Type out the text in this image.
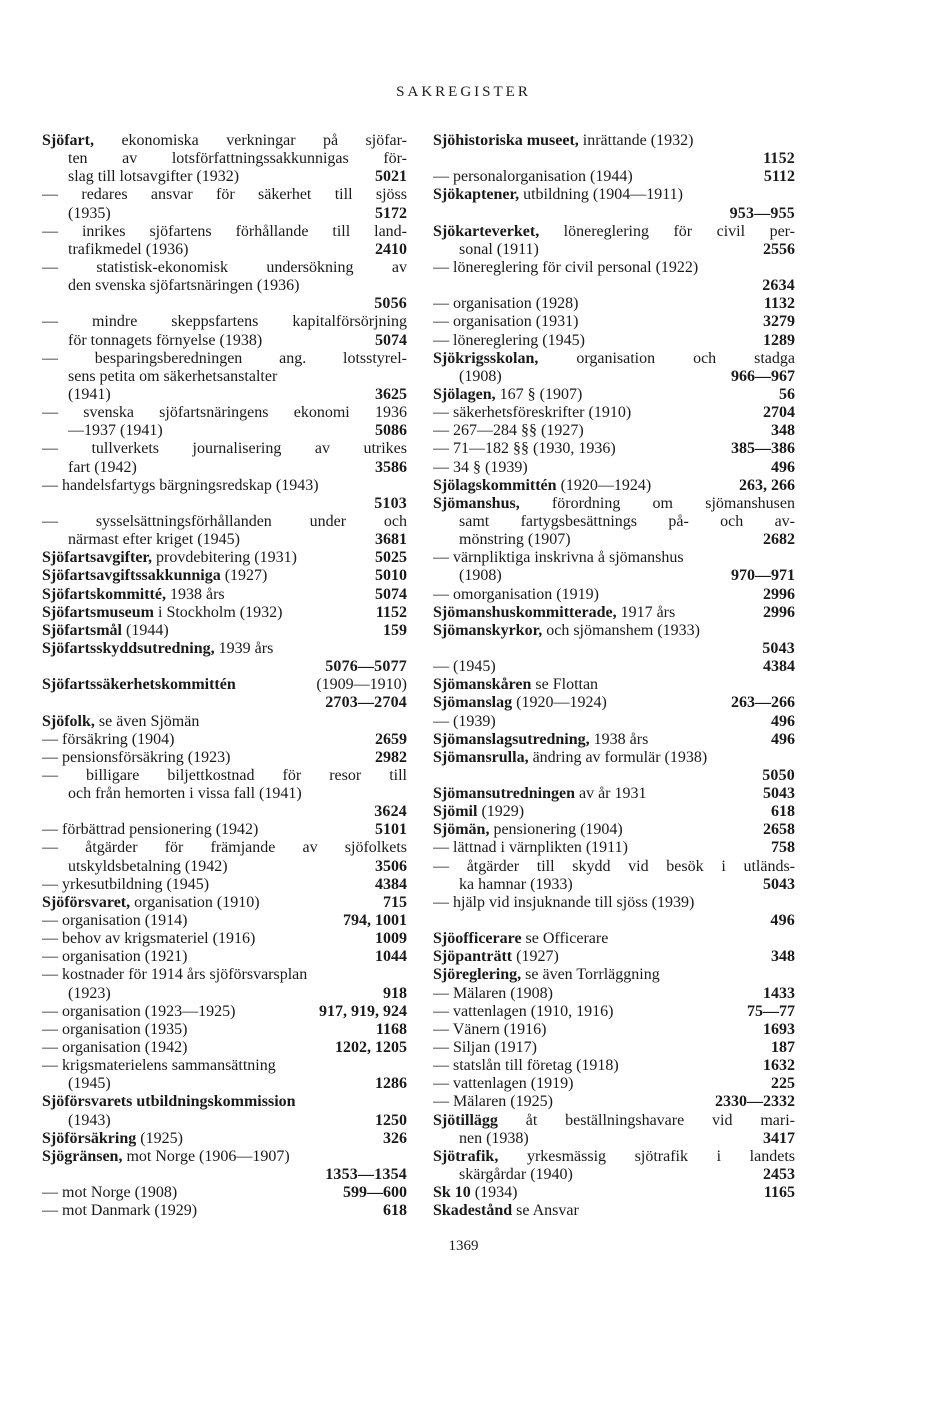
SAKREGISTER
Sjöfart, ekonomiska verkningar på sjöfar-
ten av lotsförfattningssakkunnigas för-
slag till lotsavgifter (1932)	5021
— redares ansvar för säkerhet till sjöss
(1935)	5172
— inrikes sjöfartens förhållande till land-
trafikmedel (1936)	2410
— statistisk-ekonomisk undersökning av
den svenska sjöfartsnäringen (1936)
5056
— mindre skeppsfartens kapitalförsörjning
för tonnagets förnyelse (1938)	5074
— besparingsberedningen ang. lotsstyrel-
sens petita om säkerhetsanstalter
(1941)	3625
— svenska sjöfartsnäringens ekonomi 1936
—1937 (1941)	5086
— tullverkets journalisering av utrikes
fart (1942)	3586
— handelsfartygs bärgningsredskap (1943)
5103
— sysselsättningsförhållanden under och
närmast efter kriget (1945)	3681
Sjöfartsavgifter, provdebitering (1931)	5025
Sjöfartsavgiftssakkunniga (1927)	5010
Sjöfartskommitté, 1938 års	5074
Sjöfartsmuseum i Stockholm (1932)	1152
Sjöfartsmål (1944)	159
Sjöfartsskyddsutredning, 1939 års
5076—5077
Sjöfartssäkerhetskommittén (1909—1910)
2703—2704
Sjöfolk, se även Sjömän
— försäkring (1904)	2659
— pensionsförsäkring (1923)	2982
— billigare biljettkostnad för resor till
och från hemorten i vissa fall (1941)
3624
— förbättrad pensionering (1942)	5101
— åtgärder för främjande av sjöfolkets
utskyldsbetalning (1942)	3506
— yrkesutbildning (1945)	4384
Sjöförsvaret, organisation (1910)	715
— organisation (1914)	794, 1001
— behov av krigsmateriel (1916)	1009
— organisation (1921)	1044
— kostnader för 1914 års sjöförsvarsplan
(1923)	918
— organisation (1923—1925)	917, 919, 924
— organisation (1935)	1168
— organisation (1942)	1202, 1205
— krigsmaterielens sammansättning
(1945)	1286
Sjöförsvarets utbildningskommission
(1943)	1250
Sjöförsäkring (1925)	326
Sjögränsen, mot Norge (1906—1907)
1353—1354
— mot Norge (1908)	599—600
— mot Danmark (1929)	618
Sjöhistoriska museet, inrättande (1932)
1152
— personalorganisation (1944)	5112
Sjökaptener, utbildning (1904—1911)
953—955
Sjökarteverket, lönereglering för civil per-
sonal (1911)	2556
— lönereglering för civil personal (1922)
2634
— organisation (1928)	1132
— organisation (1931)	3279
— lönereglering (1945)	1289
Sjökrigsskolan, organisation och stadga
(1908)	966—967
Sjölagen, 167 § (1907)	56
— säkerhetsföreskrifter (1910)	2704
— 267—284 §§ (1927)	348
— 71—182 §§ (1930, 1936)	385—386
— 34 § (1939)	496
Sjölagskommittén (1920—1924)	263, 266
Sjömanshus, förordning om sjömanshusen
samt fartygsbesättnings på- och av-
mönstring (1907)	2682
— värnpliktiga inskrivna å sjömanshus
(1908)	970—971
— omorganisation (1919)	2996
Sjömanshuskommitterade, 1917 års	2996
Sjömanskyrkor, och sjömanshem (1933)
5043
— (1945)	4384
Sjömanskåren se Flottan
Sjömanslag (1920—1924)	263—266
— (1939)	496
Sjömanslagsutredning, 1938 års	496
Sjömansrulla, ändring av formulär (1938)
5050
Sjömansutredningen av år 1931	5043
Sjömil (1929)	618
Sjömän, pensionering (1904)	2658
— lättnad i värnplikten (1911)	758
— åtgärder till skydd vid besök i utländs-
ka hamnar (1933)	5043
— hjälp vid insjuknande till sjöss (1939)
496
Sjöofficerare se Officerare
Sjöpanträtt (1927)	348
Sjöreglering, se även Torrläggning
— Mälaren (1908)	1433
— vattenlagen (1910, 1916)	75—77
— Vänern (1916)	1693
— Siljan (1917)	187
— statslån till företag (1918)	1632
— vattenlagen (1919)	225
— Mälaren (1925)	2330—2332
Sjötillägg åt beställningshavare vid mari-
nen (1938)	3417
Sjötrafik, yrkesmässig sjötrafik i landets
skärgårdar (1940)	2453
Sk 10 (1934)	1165
Skadestånd se Ansvar
1369
